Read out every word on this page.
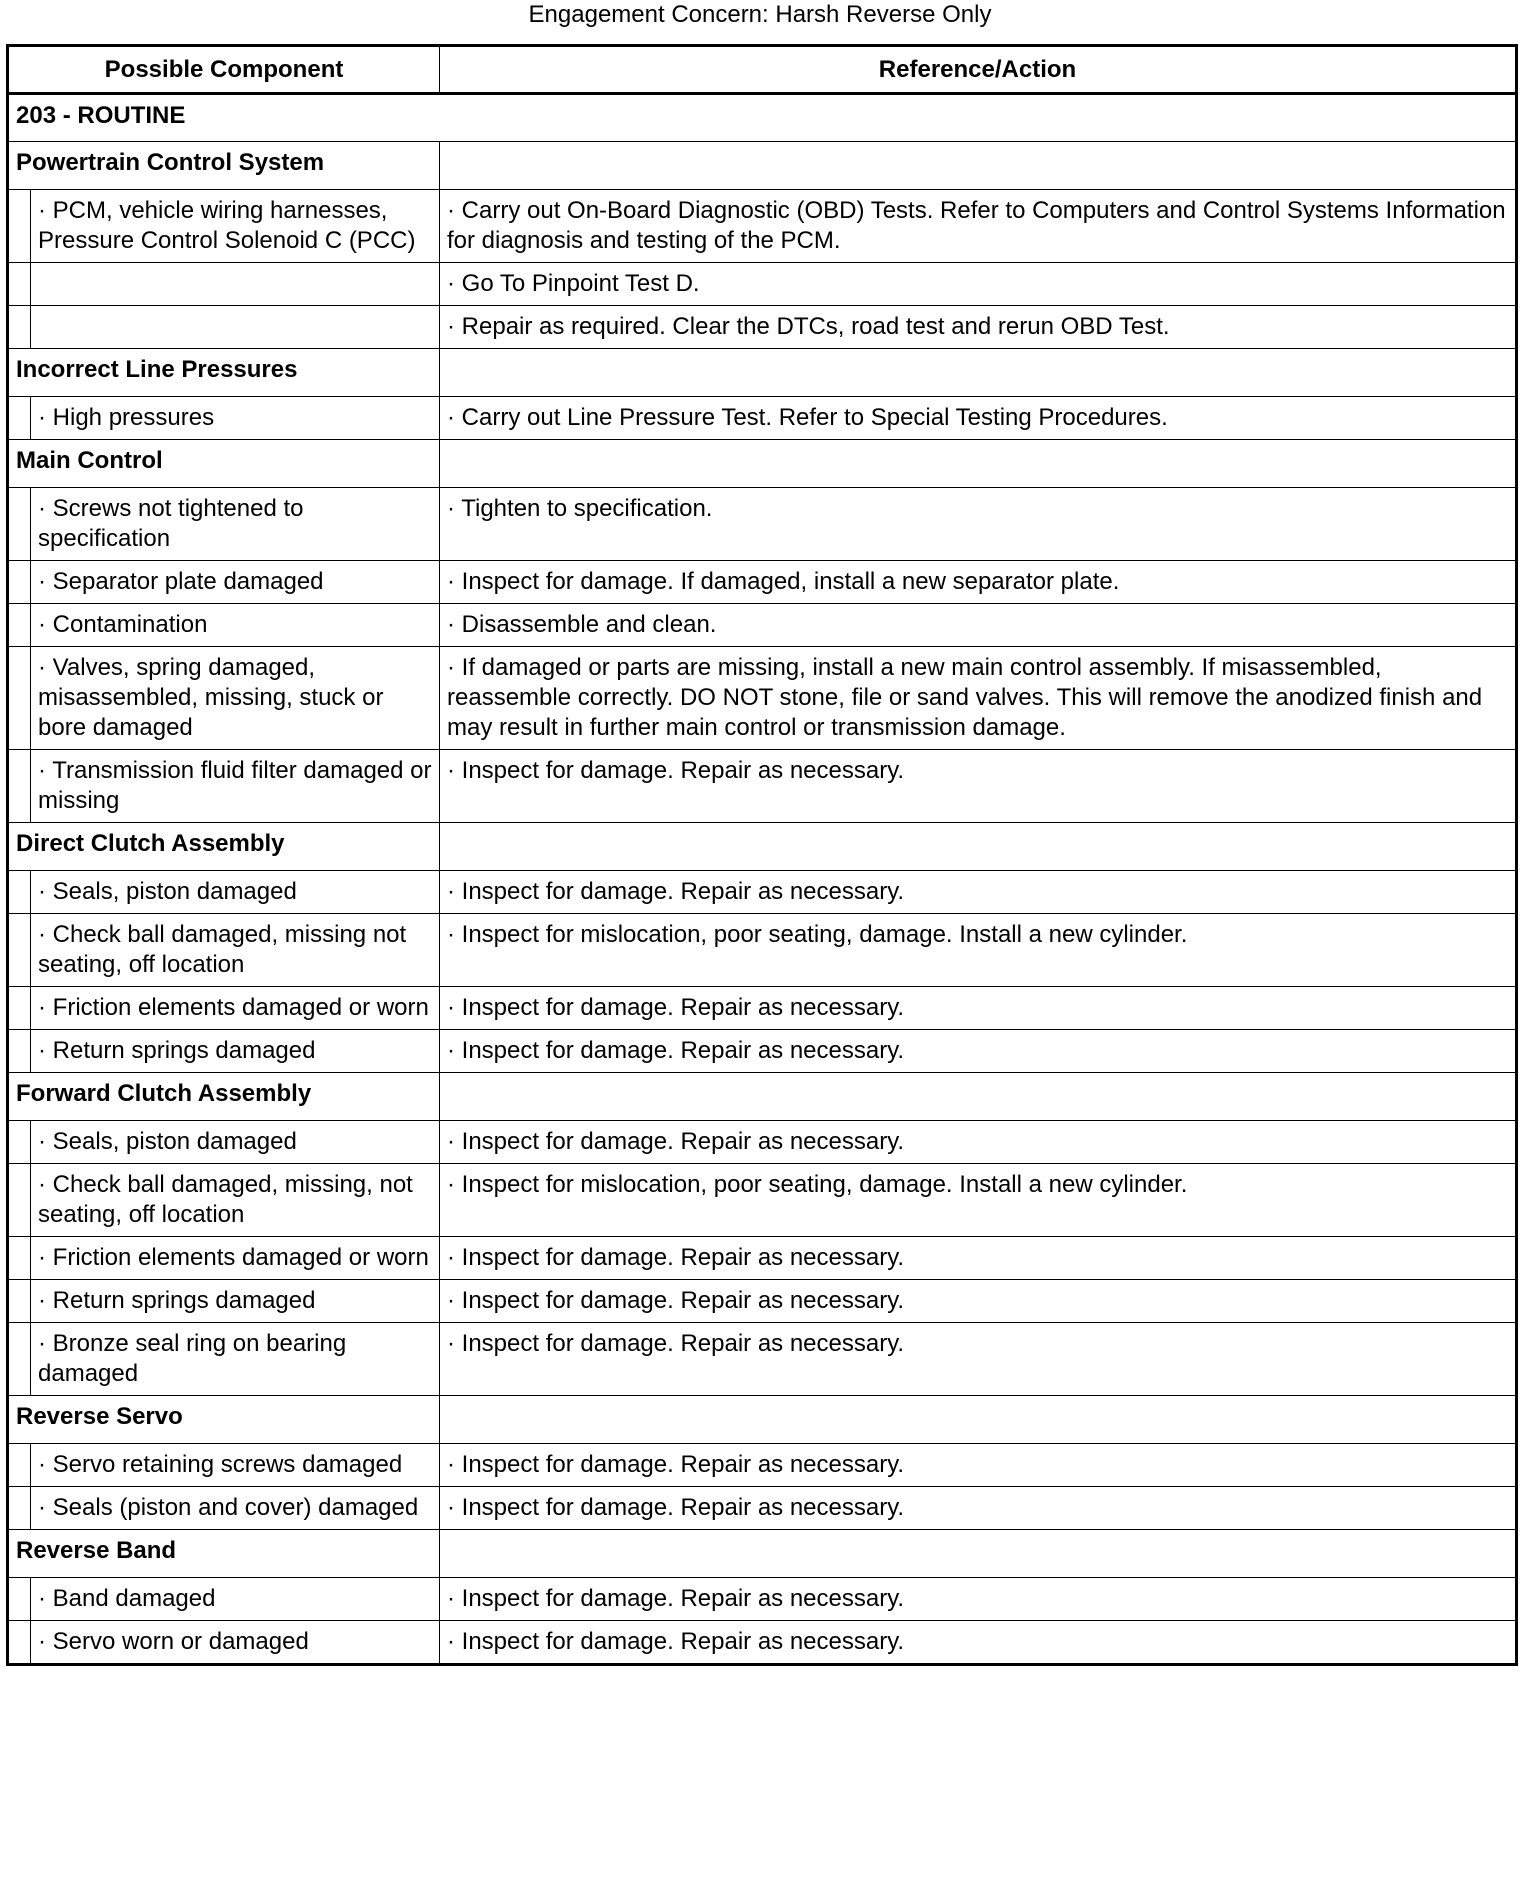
Engagement Concern: Harsh Reverse Only
Possible Component		Reference/Action
203 - ROUTINE		
Powertrain Control System		
	· PCM, vehicle wiring harnesses, Pressure Control Solenoid C (PCC)	· Carry out On-Board Diagnostic (OBD) Tests. Refer to Computers and Control Systems Information for diagnosis and testing of the PCM.
		· Go To Pinpoint Test D.
		· Repair as required. Clear the DTCs, road test and rerun OBD Test.
Incorrect Line Pressures		
	· High pressures	· Carry out Line Pressure Test. Refer to Special Testing Procedures.
Main Control		
	· Screws not tightened to specification	· Tighten to specification.
	· Separator plate damaged	· Inspect for damage. If damaged, install a new separator plate.
	· Contamination	· Disassemble and clean.
	· Valves, spring damaged, misassembled, missing, stuck or bore damaged	· If damaged or parts are missing, install a new main control assembly. If misassembled, reassemble correctly. DO NOT stone, file or sand valves. This will remove the anodized finish and may result in further main control or transmission damage.
	· Transmission fluid filter damaged or missing	· Inspect for damage. Repair as necessary.
Direct Clutch Assembly		
	· Seals, piston damaged	· Inspect for damage. Repair as necessary.
	· Check ball damaged, missing not seating, off location	· Inspect for mislocation, poor seating, damage. Install a new cylinder.
	· Friction elements damaged or worn	· Inspect for damage. Repair as necessary.
	· Return springs damaged	· Inspect for damage. Repair as necessary.
Forward Clutch Assembly		
	· Seals, piston damaged	· Inspect for damage. Repair as necessary.
	· Check ball damaged, missing, not seating, off location	· Inspect for mislocation, poor seating, damage. Install a new cylinder.
	· Friction elements damaged or worn	· Inspect for damage. Repair as necessary.
	· Return springs damaged	· Inspect for damage. Repair as necessary.
	· Bronze seal ring on bearing damaged	· Inspect for damage. Repair as necessary.
Reverse Servo		
	· Servo retaining screws damaged	· Inspect for damage. Repair as necessary.
	· Seals (piston and cover) damaged	· Inspect for damage. Repair as necessary.
Reverse Band		
	· Band damaged	· Inspect for damage. Repair as necessary.
	· Servo worn or damaged	· Inspect for damage. Repair as necessary.
